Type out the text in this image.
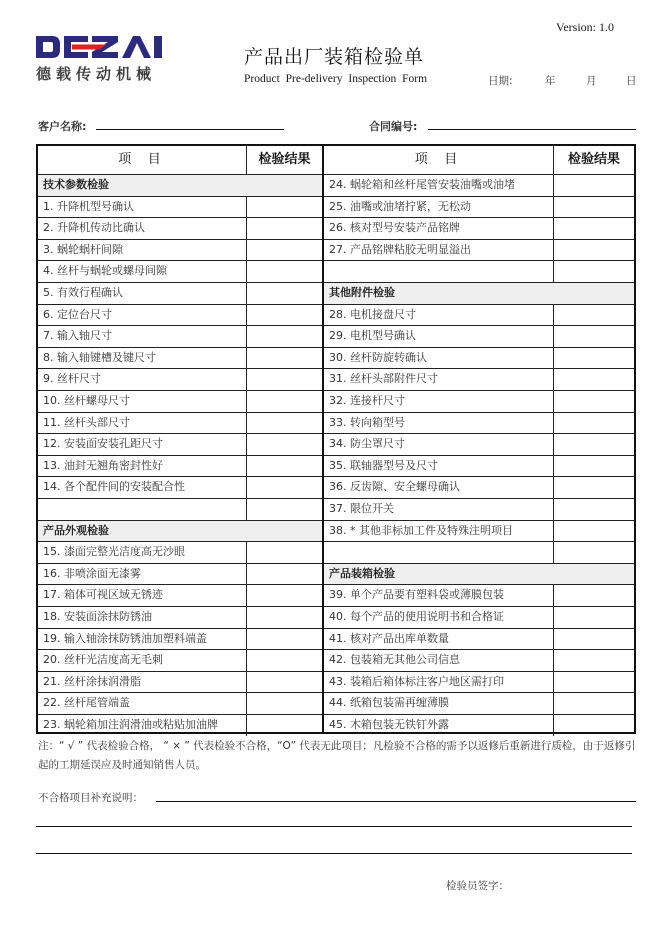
Version: 1.0
德载传动机械
产品出厂装箱检验单
Product Pre-delivery Inspection Form	日期:	年	月	日
客户名称:	合同编号:
项    目	检验结果
技术参数检验
1. 升降机型号确认
2. 升降机传动比确认
3. 蜗轮蜗杆间隙
4. 丝杆与蜗轮或螺母间隙
5. 有效行程确认
6. 定位台尺寸
7. 输入轴尺寸
8. 输入轴键槽及键尺寸
9. 丝杆尺寸
10. 丝杆螺母尺寸
11. 丝杆头部尺寸
12. 安装面安装孔距尺寸
13. 油封无翘角密封性好
14. 各个配件间的安装配合性
产品外观检验
15. 漆面完整光洁度高无沙眼
16. 非喷涂面无漆雾
17. 箱体可视区域无锈迹
18. 安装面涂抹防锈油
19. 输入轴涂抹防锈油加塑料端盖
20. 丝杆光洁度高无毛刺
21. 丝杆涂抹润滑脂
22. 丝杆尾管端盖
23. 蜗轮箱加注润滑油或粘贴加油牌
项    目	检验结果
24. 蜗轮箱和丝杆尾管安装油嘴或油堵
25. 油嘴或油堵拧紧，无松动
26. 核对型号安装产品铭牌
27. 产品铭牌粘胶无明显溢出
其他附件检验
28. 电机接盘尺寸
29. 电机型号确认
30. 丝杆防旋转确认
31. 丝杆头部附件尺寸
32. 连接杆尺寸
33. 转向箱型号
34. 防尘罩尺寸
35. 联轴器型号及尺寸
36. 反齿隙、安全螺母确认
37. 限位开关
38. * 其他非标加工件及特殊注明项目
产品装箱检验
39. 单个产品要有塑料袋或薄膜包装
40. 每个产品的使用说明书和合格证
41. 核对产品出库单数量
42. 包装箱无其他公司信息
43. 装箱后箱体标注客户地区需打印
44. 纸箱包装需再缠薄膜
45. 木箱包装无铁钉外露
注：“ √ ” 代表检验合格， “ × ” 代表检验不合格，“O” 代表无此项目；凡检验不合格的需予以返修后重新进行质检，由于返修引起的工期延误应及时通知销售人员。
不合格项目补充说明：
检验员签字：
